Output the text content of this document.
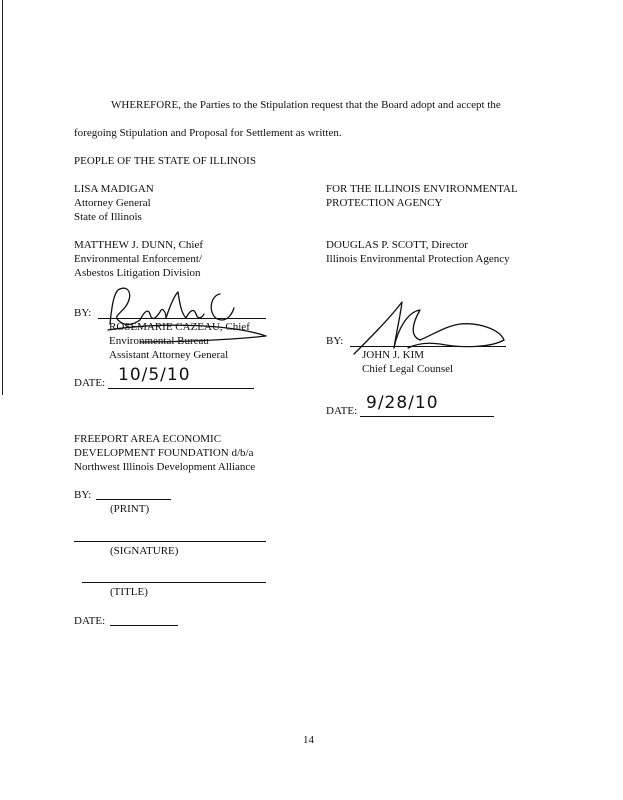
WHEREFORE, the Parties to the Stipulation request that the Board adopt and accept the
foregoing Stipulation and Proposal for Settlement as written.
PEOPLE OF THE STATE OF ILLINOIS
LISA MADIGAN
Attorney General
State of Illinois
MATTHEW J. DUNN, Chief
Environmental Enforcement/
Asbestos Litigation Division
FOR THE ILLINOIS ENVIRONMENTAL
PROTECTION AGENCY
DOUGLAS P. SCOTT, Director
Illinois Environmental Protection Agency
BY:
ROSEMARIE CAZEAU, Chief
Environmental Bureau
Assistant Attorney General
DATE: 10/5/10
BY:
JOHN J. KIM
Chief Legal Counsel
DATE: 9/28/10
FREEPORT AREA ECONOMIC
DEVELOPMENT FOUNDATION d/b/a
Northwest Illinois Development Alliance
BY:
(PRINT)
(SIGNATURE)
(TITLE)
DATE:
14
